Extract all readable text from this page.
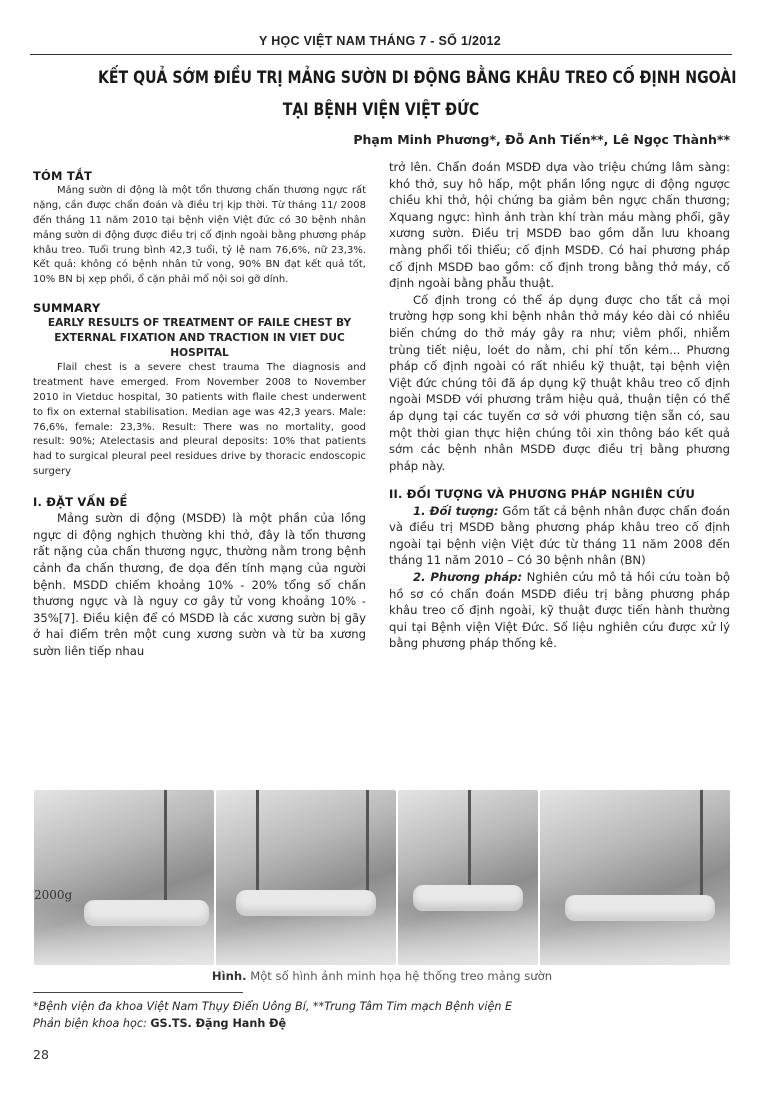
Y HỌC VIỆT NAM THÁNG 7 - SỐ 1/2012
KẾT QUẢ SỚM ĐIỀU TRỊ MẢNG SƯỜN DI ĐỘNG BẰNG KHÂU TREO CỐ ĐỊNH NGOÀI
TẠI BỆNH VIỆN VIỆT ĐỨC
Phạm Minh Phương*, Đỗ Anh Tiến**, Lê Ngọc Thành**

TÓM TẮT

Mảng sườn di động là một tổn thương chấn thương ngực rất nặng, cần được chẩn đoán và điều trị kịp thời. Từ tháng 11/ 2008 đến tháng 11 năm 2010 tại bệnh viện Việt đức có 30 bệnh nhân mảng sườn di động được điều trị cố định ngoài bằng phương pháp khâu treo. Tuổi trung bình 42,3 tuổi, tỷ lệ nam 76,6%, nữ 23,3%. Kết quả: không có bệnh nhân tử vong, 90% BN đạt kết quả tốt, 10% BN bị xẹp phổi, ổ cặn phải mổ nội soi gỡ dính.

SUMMARY

EARLY RESULTS OF TREATMENT OF FAILE CHEST BY EXTERNAL FIXATION AND TRACTION IN VIET DUC HOSPITAL

Flail chest is a severe chest trauma The diagnosis and treatment have emerged. From November 2008 to November 2010 in Vietduc hospital, 30 patients with flaile chest underwent to fix on external stabilisation. Median age was 42,3 years. Male: 76,6%, female: 23,3%. Result: There was no mortality, good result: 90%; Atelectasis and pleural deposits: 10% that patients had to surgical pleural peel residues drive by thoracic endoscopic surgery

I. ĐẶT VẤN ĐỀ

Mảng sườn di động (MSDĐ) là một phần của lồng ngực di động nghịch thường khi thở, đây là tổn thương rất nặng của chấn thương ngực, thường nằm trong bệnh cảnh đa chấn thương, đe dọa đến tính mạng của người bệnh. MSDD chiếm khoảng 10% - 20% tổng số chấn thương ngực và là nguy cơ gây tử vong khoảng 10% - 35%[7]. Điều kiện để có MSDĐ là các xương sườn bị gãy ở hai điểm trên một cung xương sườn và từ ba xương sườn liên tiếp nhau

trở lên. Chẩn đoán MSDĐ dựa vào triệu chứng lâm sàng: khó thở, suy hô hấp, một phần lồng ngực di động ngược chiều khi thở, hội chứng ba giảm bên ngực chấn thương; Xquang ngực: hình ảnh tràn khí tràn máu màng phổi, gãy xương sườn. Điều trị MSDĐ bao gồm dẫn lưu khoang màng phổi tối thiểu; cố định MSDĐ. Có hai phương pháp cố định MSDĐ bao gồm: cố định trong bằng thở máy, cố định ngoài bằng phẫu thuật.

Cố định trong có thể áp dụng được cho tất cả mọi trường hợp song khi bệnh nhân thở máy kéo dài có nhiều biến chứng do thở máy gây ra như; viêm phổi, nhiễm trùng tiết niệu, loét do nằm, chi phí tốn kém... Phương pháp cố định ngoài có rất nhiều kỹ thuật, tại bệnh viện Việt đức chúng tôi đã áp dụng kỹ thuật khâu treo cố định ngoài MSDĐ với phương trâm hiệu quả, thuận tiện có thể áp dụng tại các tuyến cơ sở với phương tiện sẵn có, sau một thời gian thực hiện chúng tôi xin thông báo kết quả sớm các bệnh nhân MSDĐ được điều trị bằng phương pháp này.

II. ĐỐI TƯỢNG VÀ PHƯƠNG PHÁP NGHIÊN CỨU

1. Đối tượng: Gồm tất cả bệnh nhân được chẩn đoán và điều trị MSDĐ bằng phương pháp khâu treo cố định ngoài tại bệnh viện Việt đức từ tháng 11 năm 2008 đến tháng 11 năm 2010 – Có 30 bệnh nhân (BN)

2. Phương pháp: Nghiên cứu mô tả hồi cứu toàn bộ hồ sơ có chẩn đoán MSDĐ điều trị bằng phương pháp khâu treo cố định ngoài, kỹ thuật được tiến hành thường qui tại Bệnh viện Việt Đức. Số liệu nghiên cứu được xử lý bằng phương pháp thống kê.

2000g
Hình. Một số hình ảnh minh họa hệ thống treo mảng sườn
*Bệnh viện đa khoa Việt Nam Thụy Điển Uông Bí, **Trung Tâm Tim mạch Bệnh viện E
Phản biện khoa học: GS.TS. Đặng Hanh Đệ
28
